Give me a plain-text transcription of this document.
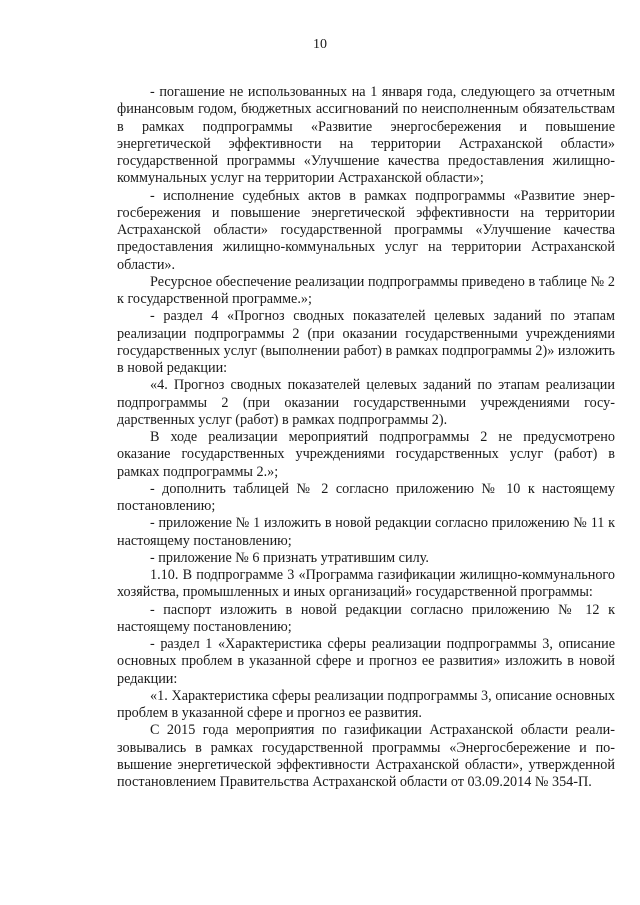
10

- погашение не использованных на 1 января года, следующего за отчетным финансовым годом, бюджетных ассигнований по неисполненным обязательствам в рамках подпрограммы «Развитие энергосбережения и повышение энергетической эффективности на территории Астраханской области» государственной программы «Улучшение качества предоставления жилищно-коммунальных услуг на территории Астраханской области»;

- исполнение судебных актов в рамках подпрограммы «Развитие энергосбережения и повышение энергетической эффективности на территории Астраханской области» государственной программы «Улучшение качества предоставления жилищно-коммунальных услуг на территории Астраханской области».

Ресурсное обеспечение реализации подпрограммы приведено в таблице № 2 к государственной программе.»;

- раздел 4 «Прогноз сводных показателей целевых заданий по этапам реализации подпрограммы 2 (при оказании государственными учреждениями государственных услуг (выполнении работ) в рамках подпрограммы 2)» изложить в новой редакции:

«4. Прогноз сводных показателей целевых заданий по этапам реализации подпрограммы 2 (при оказании государственными учреждениями государственных услуг (работ) в рамках подпрограммы 2).

В ходе реализации мероприятий подпрограммы 2 не предусмотрено оказание государственных учреждениями государственных услуг (работ) в рамках подпрограммы 2.»;

- дополнить таблицей № 2 согласно приложению № 10 к настоящему постановлению;

- приложение № 1 изложить в новой редакции согласно приложению № 11 к настоящему постановлению;

- приложение № 6 признать утратившим силу.

1.10. В подпрограмме 3 «Программа газификации жилищно-коммунального хозяйства, промышленных и иных организаций» государственной программы:

- паспорт изложить в новой редакции согласно приложению № 12 к настоящему постановлению;

- раздел 1 «Характеристика сферы реализации подпрограммы 3, описание основных проблем в указанной сфере и прогноз ее развития» изложить в новой редакции:

«1. Характеристика сферы реализации подпрограммы 3, описание основных проблем в указанной сфере и прогноз ее развития.

С 2015 года мероприятия по газификации Астраханской области реализовывались в рамках государственной программы «Энергосбережение и повышение энергетической эффективности Астраханской области», утвержденной постановлением Правительства Астраханской области от 03.09.2014 № 354-П.
